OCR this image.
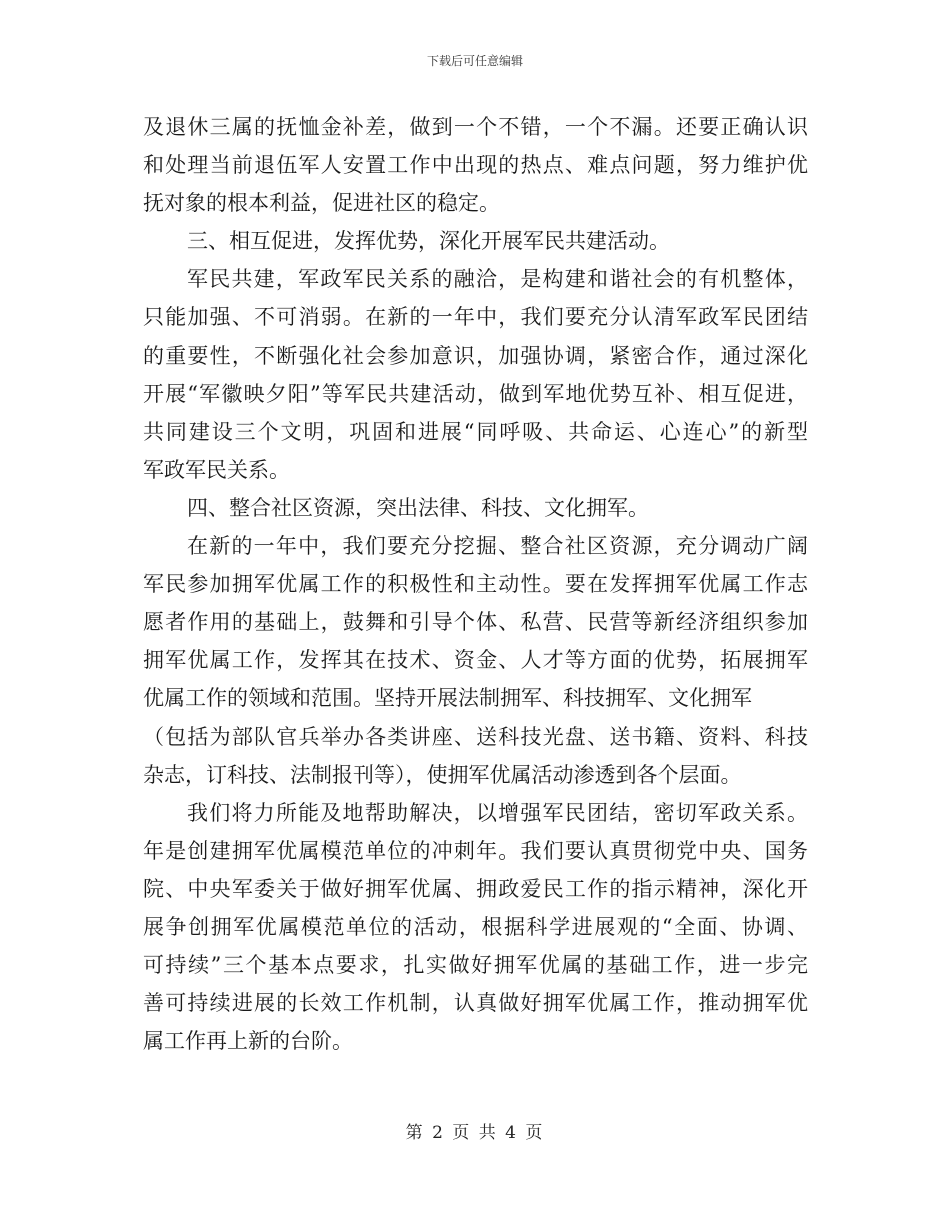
下载后可任意编辑
及退休三属的抚恤金补差，做到一个不错，一个不漏。还要正确认识
和处理当前退伍军人安置工作中出现的热点、难点问题，努力维护优
抚对象的根本利益，促进社区的稳定。
三、相互促进，发挥优势，深化开展军民共建活动。
军民共建，军政军民关系的融洽，是构建和谐社会的有机整体，
只能加强、不可消弱。在新的一年中，我们要充分认清军政军民团结
的重要性，不断强化社会参加意识，加强协调，紧密合作，通过深化
开展“军徽映夕阳”等军民共建活动，做到军地优势互补、相互促进，
共同建设三个文明，巩固和进展“同呼吸、共命运、心连心”的新型
军政军民关系。
四、整合社区资源，突出法律、科技、文化拥军。
在新的一年中，我们要充分挖掘、整合社区资源，充分调动广阔
军民参加拥军优属工作的积极性和主动性。要在发挥拥军优属工作志
愿者作用的基础上，鼓舞和引导个体、私营、民营等新经济组织参加
拥军优属工作，发挥其在技术、资金、人才等方面的优势，拓展拥军
优属工作的领域和范围。坚持开展法制拥军、科技拥军、文化拥军
（包括为部队官兵举办各类讲座、送科技光盘、送书籍、资料、科技
杂志，订科技、法制报刊等），使拥军优属活动渗透到各个层面。
我们将力所能及地帮助解决，以增强军民团结，密切军政关系。
年是创建拥军优属模范单位的冲刺年。我们要认真贯彻党中央、国务
院、中央军委关于做好拥军优属、拥政爱民工作的指示精神，深化开
展争创拥军优属模范单位的活动，根据科学进展观的“全面、协调、
可持续”三个基本点要求，扎实做好拥军优属的基础工作，进一步完
善可持续进展的长效工作机制，认真做好拥军优属工作，推动拥军优
属工作再上新的台阶。
第 2 页 共 4 页
